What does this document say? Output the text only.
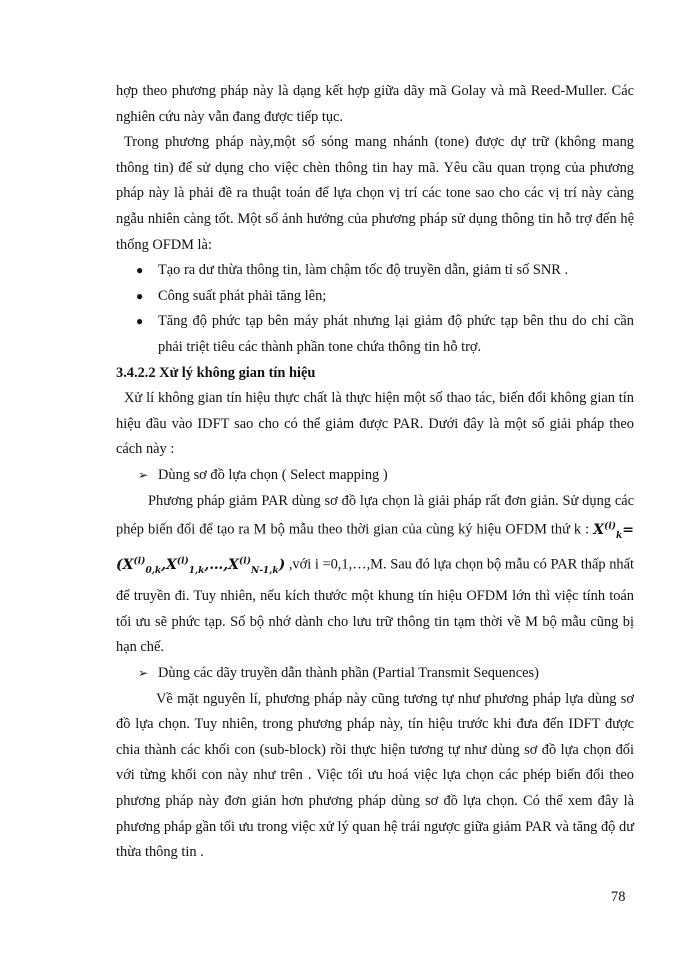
hợp theo phương pháp này là dạng kết hợp giữa dãy mã Golay và mã Reed-Muller. Các nghiên cứu này vẫn đang được tiếp tục.

Trong phương pháp này,một số sóng mang nhánh (tone) được dự trữ (không mang thông tin) để sử dụng cho việc chèn thông tin hay mã. Yêu cầu quan trọng của phương pháp này là phải đề ra thuật toán để lựa chọn vị trí các tone sao cho các vị trí này càng ngẫu nhiên càng tốt. Một số ảnh hưởng của phương pháp sử dụng thông tin hỗ trợ đến hệ thống OFDM là:

● Tạo ra dư thừa thông tin, làm chậm tốc độ truyền dẫn, giảm tỉ số SNR .
● Công suất phát phải tăng lên;
● Tăng độ phức tạp bên máy phát nhưng lại giảm độ phức tạp bên thu do chỉ cần phải triệt tiêu các thành phần tone chứa thông tin hỗ trợ.

3.4.2.2 Xử lý không gian tín hiệu

Xử lí không gian tín hiệu thực chất là thực hiện một số thao tác, biến đổi không gian tín hiệu đầu vào IDFT sao cho có thể giảm được PAR. Dưới đây là một số giải pháp theo cách này :

➢ Dùng sơ đồ lựa chọn ( Select mapping )

Phương pháp giảm PAR dùng sơ đồ lựa chọn là giải pháp rất đơn giản. Sử dụng các phép biến đổi để tạo ra M bộ mẫu theo thời gian của cùng ký hiệu OFDM thứ k : $X^{(i)}_k=(X^{(i)}_{0,k},X^{(i)}_{1,k},\dots,X^{(i)}_{N-1,k})$ ,với i =0,1,…,M. Sau đó lựa chọn bộ mẫu có PAR thấp nhất để truyền đi. Tuy nhiên, nếu kích thước một khung tín hiệu OFDM lớn thì việc tính toán tối ưu sẽ phức tạp. Số bộ nhớ dành cho lưu trữ thông tin tạm thời về M bộ mẫu cũng bị hạn chế.

➢ Dùng các dãy truyền dẫn thành phần (Partial Transmit Sequences)

Về mặt nguyên lí, phương pháp này cũng tương tự như phương pháp lựa dùng sơ đồ lựa chọn. Tuy nhiên, trong phương pháp này, tín hiệu trước khi đưa đến IDFT được chia thành các khối con (sub-block) rồi thực hiện tương tự như dùng sơ đồ lựa chọn đối với từng khối con này như trên . Việc tối ưu hoá việc lựa chọn các phép biến đổi theo phương pháp này đơn giản hơn phương pháp dùng sơ đồ lựa chọn. Có thể xem đây là phương pháp gần tối ưu trong việc xử lý quan hệ trái ngược giữa giảm PAR và tăng độ dư thừa thông tin .

78
